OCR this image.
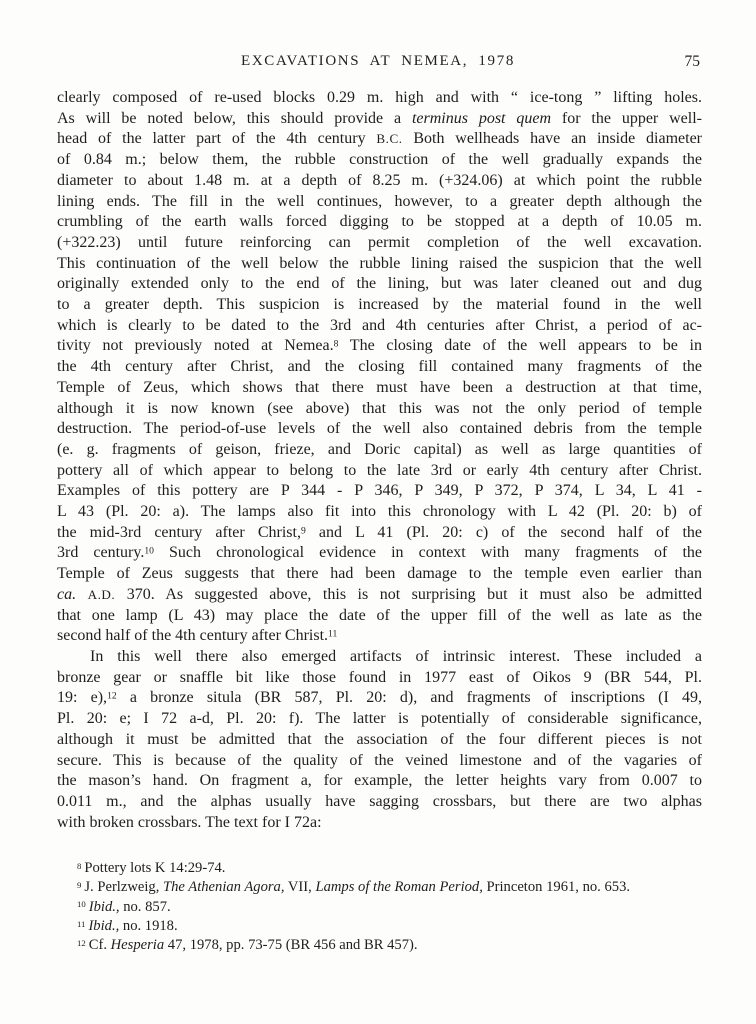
EXCAVATIONS AT NEMEA, 1978	75
clearly composed of re-used blocks 0.29 m. high and with “ ice-tong ” lifting holes.
As will be noted below, this should provide a terminus post quem for the upper well-
head of the latter part of the 4th century B.C. Both wellheads have an inside diameter
of 0.84 m.; below them, the rubble construction of the well gradually expands the
diameter to about 1.48 m. at a depth of 8.25 m. (+324.06) at which point the rubble
lining ends. The fill in the well continues, however, to a greater depth although the
crumbling of the earth walls forced digging to be stopped at a depth of 10.05 m.
(+322.23) until future reinforcing can permit completion of the well excavation.
This continuation of the well below the rubble lining raised the suspicion that the well
originally extended only to the end of the lining, but was later cleaned out and dug
to a greater depth. This suspicion is increased by the material found in the well
which is clearly to be dated to the 3rd and 4th centuries after Christ, a period of ac-
tivity not previously noted at Nemea.$^8$ The closing date of the well appears to be in
the 4th century after Christ, and the closing fill contained many fragments of the
Temple of Zeus, which shows that there must have been a destruction at that time,
although it is now known (see above) that this was not the only period of temple
destruction. The period-of-use levels of the well also contained debris from the temple
(e. g. fragments of geison, frieze, and Doric capital) as well as large quantities of
pottery all of which appear to belong to the late 3rd or early 4th century after Christ.
Examples of this pottery are P 344 - P 346, P 349, P 372, P 374, L 34, L 41 -
L 43 (Pl. 20: a). The lamps also fit into this chronology with L 42 (Pl. 20: b) of
the mid-3rd century after Christ,$^9$ and L 41 (Pl. 20: c) of the second half of the
3rd century.$^{10}$ Such chronological evidence in context with many fragments of the
Temple of Zeus suggests that there had been damage to the temple even earlier than
ca. A.D. 370. As suggested above, this is not surprising but it must also be admitted
that one lamp (L 43) may place the date of the upper fill of the well as late as the
second half of the 4th century after Christ.$^{11}$
In this well there also emerged artifacts of intrinsic interest. These included a
bronze gear or snaffle bit like those found in 1977 east of Oikos 9 (BR 544, Pl.
19: e),$^{12}$ a bronze situla (BR 587, Pl. 20: d), and fragments of inscriptions (I 49,
Pl. 20: e; I 72 a-d, Pl. 20: f). The latter is potentially of considerable significance,
although it must be admitted that the association of the four different pieces is not
secure. This is because of the quality of the veined limestone and of the vagaries of
the mason’s hand. On fragment a, for example, the letter heights vary from 0.007 to
0.011 m., and the alphas usually have sagging crossbars, but there are two alphas
with broken crossbars. The text for I 72a:
$^8$ Pottery lots K 14:29-74.
$^9$ J. Perlzweig, The Athenian Agora, VII, Lamps of the Roman Period, Princeton 1961, no. 653.
$^{10}$ Ibid., no. 857.
$^{11}$ Ibid., no. 1918.
$^{12}$ Cf. Hesperia 47, 1978, pp. 73-75 (BR 456 and BR 457).
